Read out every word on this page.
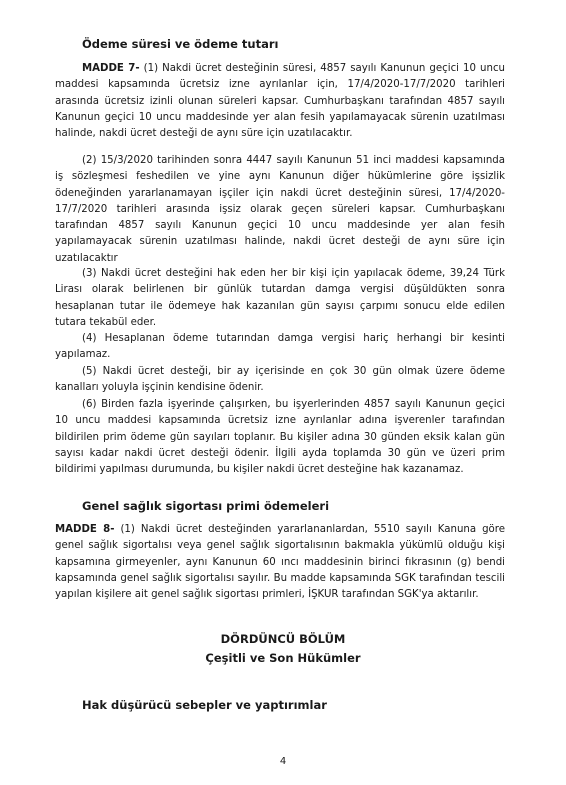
Ödeme süresi ve ödeme tutarı

MADDE 7- (1) Nakdi ücret desteğinin süresi, 4857 sayılı Kanunun geçici 10 uncu maddesi kapsamında ücretsiz izne ayrılanlar için, 17/4/2020-17/7/2020 tarihleri arasında ücretsiz izinli olunan süreleri kapsar. Cumhurbaşkanı tarafından 4857 sayılı Kanunun geçici 10 uncu maddesinde yer alan fesih yapılamayacak sürenin uzatılması halinde, nakdi ücret desteği de aynı süre için uzatılacaktır.

(2) 15/3/2020 tarihinden sonra 4447 sayılı Kanunun 51 inci maddesi kapsamında iş sözleşmesi feshedilen ve yine aynı Kanunun diğer hükümlerine göre işsizlik ödeneğinden yararlanamayan işçiler için nakdi ücret desteğinin süresi, 17/4/2020-17/7/2020 tarihleri arasında işsiz olarak geçen süreleri kapsar. Cumhurbaşkanı tarafından 4857 sayılı Kanunun geçici 10 uncu maddesinde yer alan fesih yapılamayacak sürenin uzatılması halinde, nakdi ücret desteği de aynı süre için uzatılacaktır

(3) Nakdi ücret desteğini hak eden her bir kişi için yapılacak ödeme, 39,24 Türk Lirası olarak belirlenen bir günlük tutardan damga vergisi düşüldükten sonra hesaplanan tutar ile ödemeye hak kazanılan gün sayısı çarpımı sonucu elde edilen tutara tekabül eder.

(4) Hesaplanan ödeme tutarından damga vergisi hariç herhangi bir kesinti yapılamaz.

(5) Nakdi ücret desteği, bir ay içerisinde en çok 30 gün olmak üzere ödeme kanalları yoluyla işçinin kendisine ödenir.

(6) Birden fazla işyerinde çalışırken, bu işyerlerinden 4857 sayılı Kanunun geçici 10 uncu maddesi kapsamında ücretsiz izne ayrılanlar adına işverenler tarafından bildirilen prim ödeme gün sayıları toplanır. Bu kişiler adına 30 günden eksik kalan gün sayısı kadar nakdi ücret desteği ödenir. İlgili ayda toplamda 30 gün ve üzeri prim bildirimi yapılması durumunda, bu kişiler nakdi ücret desteğine hak kazanamaz.

Genel sağlık sigortası primi ödemeleri

MADDE 8- (1) Nakdi ücret desteğinden yararlananlardan, 5510 sayılı Kanuna göre genel sağlık sigortalısı veya genel sağlık sigortalısının bakmakla yükümlü olduğu kişi kapsamına girmeyenler, aynı Kanunun 60 ıncı maddesinin birinci fıkrasının (g) bendi kapsamında genel sağlık sigortalısı sayılır. Bu madde kapsamında SGK tarafından tescili yapılan kişilere ait genel sağlık sigortası primleri, İŞKUR tarafından SGK'ya aktarılır.

DÖRDÜNCÜ BÖLÜM
Çeşitli ve Son Hükümler
Hak düşürücü sebepler ve yaptırımlar
4
